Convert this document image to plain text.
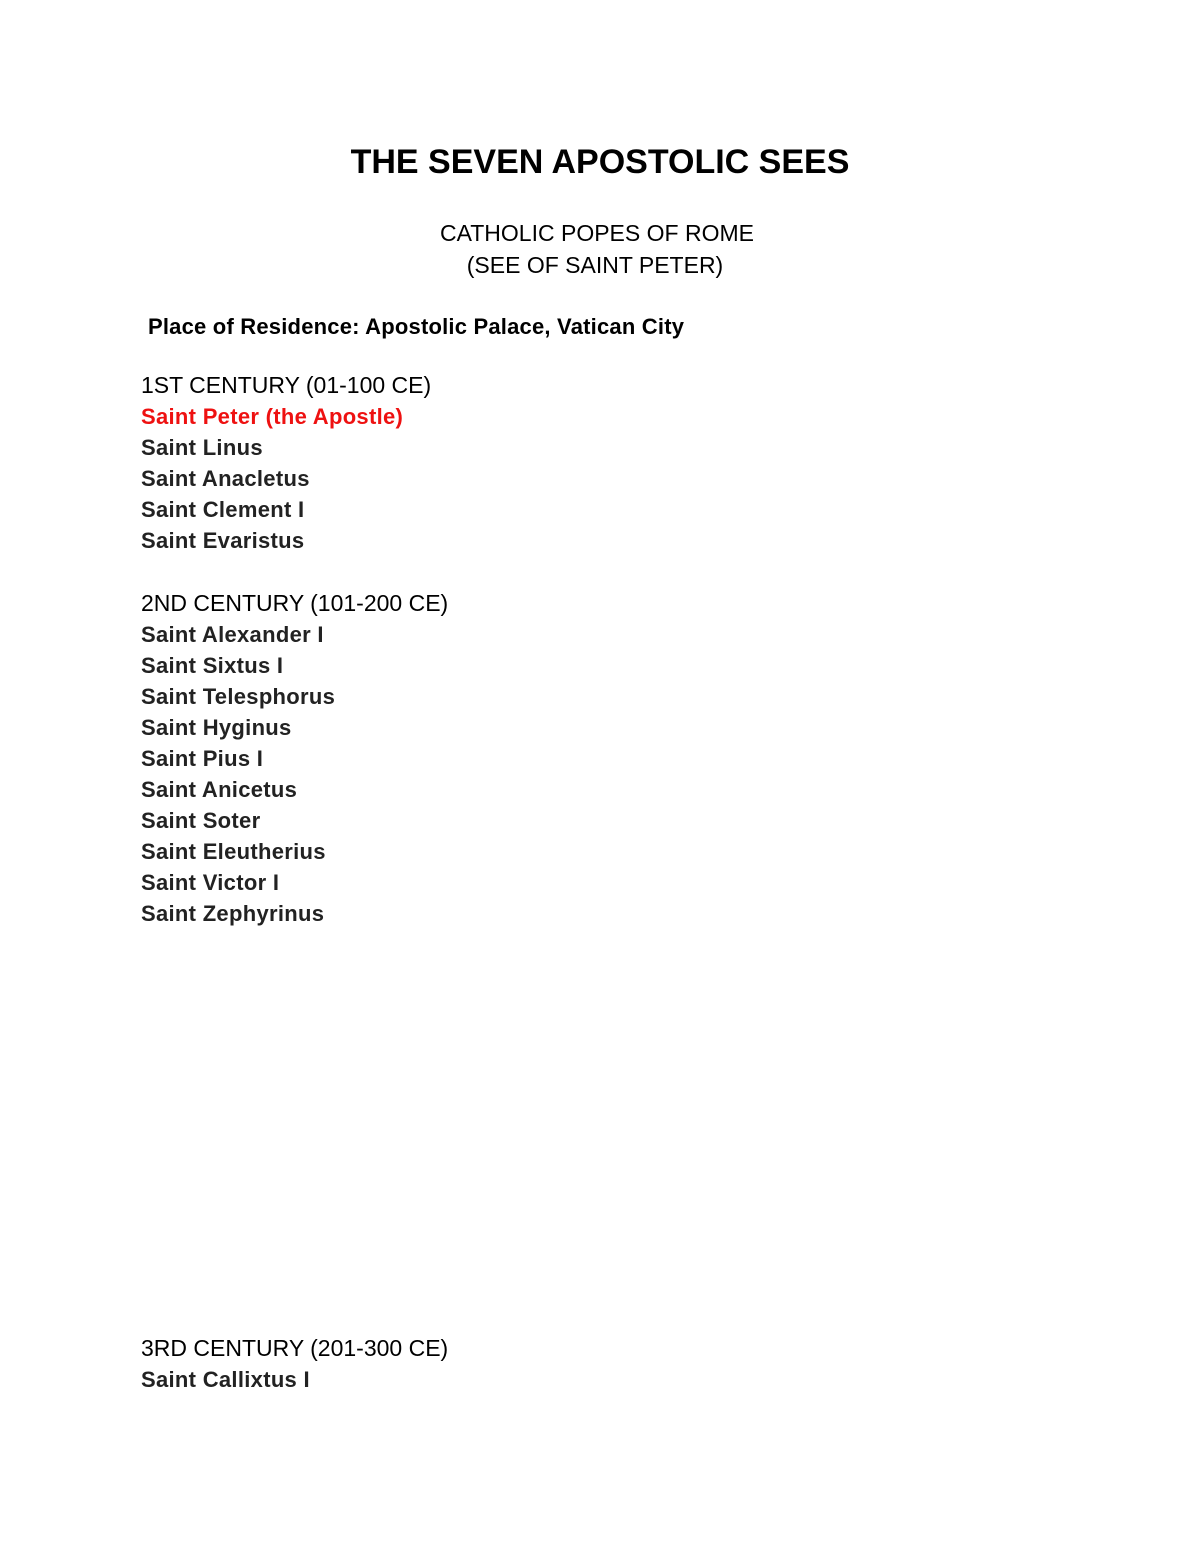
THE SEVEN APOSTOLIC SEES

CATHOLIC POPES OF ROME

(SEE OF SAINT PETER)

Place of Residence: Apostolic Palace, Vatican City

1ST CENTURY (01-100 CE)
Saint Peter (the Apostle)
Saint Linus
Saint Anacletus
Saint Clement I
Saint Evaristus
2ND CENTURY (101-200 CE)
Saint Alexander I
Saint Sixtus I
Saint Telesphorus
Saint Hyginus
Saint Pius I
Saint Anicetus
Saint Soter
Saint Eleutherius
Saint Victor I
Saint Zephyrinus
3RD CENTURY (201-300 CE)
Saint Callixtus I
